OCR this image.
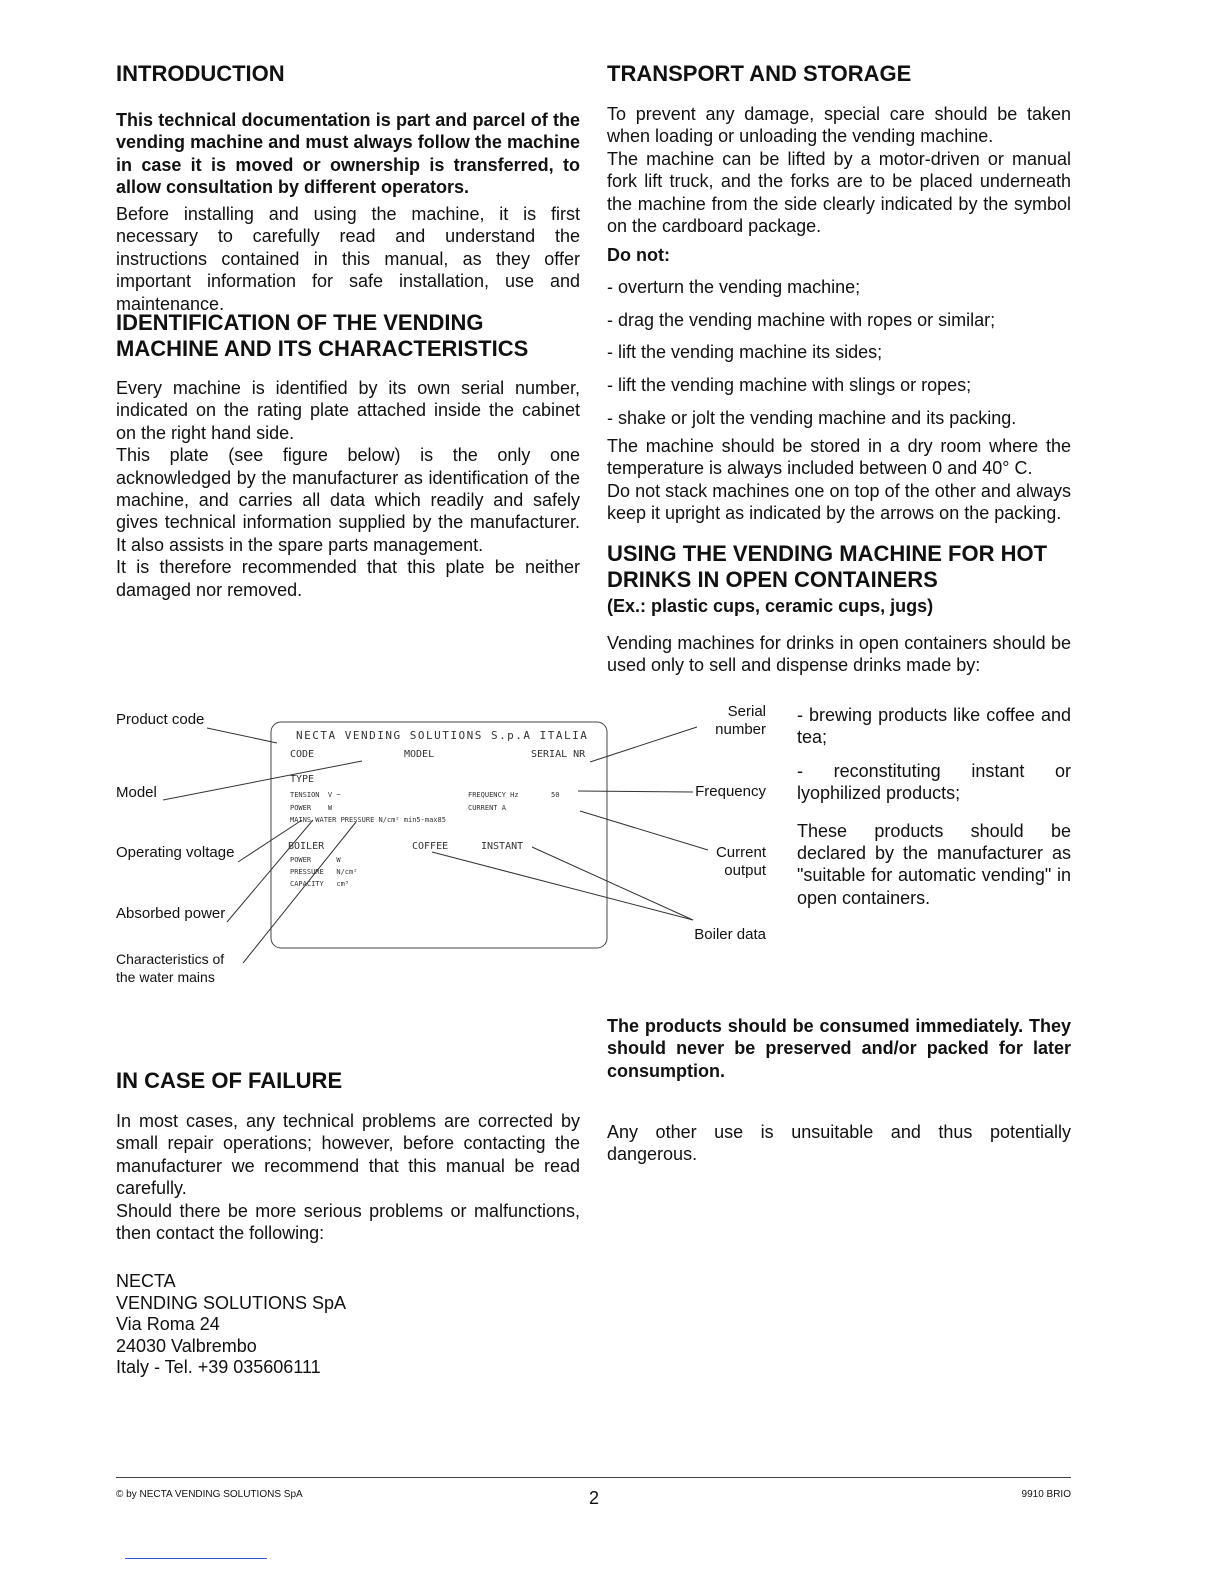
INTRODUCTION

This technical documentation is part and parcel of the vending machine and must always follow the machine in case it is moved or ownership is transferred, to allow consultation by different operators.

Before installing and using the machine, it is first necessary to carefully read and understand the instructions contained in this manual, as they offer important information for safe installation, use and maintenance.

IDENTIFICATION OF THE VENDING
MACHINE AND ITS CHARACTERISTICS

Every machine is identified by its own serial number, indicated on the rating plate attached inside the cabinet on the right hand side.

This plate (see figure below) is the only one acknowledged by the manufacturer as identification of the machine, and carries all data which readily and safely gives technical information supplied by the manufacturer. It also assists in the spare parts management.

It is therefore recommended that this plate be neither damaged nor removed.

Product code
Model
Operating voltage
Absorbed power
Characteristics of
the water mains
Serial
number
Frequency
Current
output
Boiler data
NECTA VENDING SOLUTIONS S.p.A ITALIA
CODE	MODEL	SERIAL NR
TYPE
TENSION  V ~
POWER    W
FREQUENCY Hz	50
CURRENT A
MAINS WATER PRESSURE N/cm² min5-max85
BOILER	COFFEE	INSTANT
POWER      W
PRESSURE   N/cm²
CAPACITY   cm³
IN CASE OF FAILURE

In most cases, any technical problems are corrected by small repair operations; however, before contacting the manufacturer we recommend that this manual be read carefully.

Should there be more serious problems or malfunctions, then contact the following:

NECTA
VENDING SOLUTIONS SpA
Via Roma 24
24030 Valbrembo
Italy - Tel. +39 035606111
TRANSPORT AND STORAGE

To prevent any damage, special care should be taken when loading or unloading the vending machine.

The machine can be lifted by a motor-driven or manual fork lift truck, and the forks are to be placed underneath the machine from the side clearly indicated by the symbol on the cardboard package.

Do not:
- overturn the vending machine;
- drag the vending machine with ropes or similar;
- lift the vending machine its sides;
- lift the vending machine with slings or ropes;
- shake or jolt the vending machine and its packing.

The machine should be stored in a dry room where the temperature is always included between 0 and 40° C.

Do not stack machines one on top of the other and always keep it upright as indicated by the arrows on the packing.

USING THE VENDING MACHINE FOR HOT
DRINKS IN OPEN CONTAINERS
(Ex.: plastic cups, ceramic cups, jugs)

Vending machines for drinks in open containers should be used only to sell and dispense drinks made by:

- brewing products like coffee and tea;

- reconstituting instant or lyophilized products;

These products should be declared by the manufacturer as "suitable for automatic vending" in open containers.

The products should be consumed immediately. They should never be preserved and/or packed for later consumption.

Any other use is unsuitable and thus potentially dangerous.

© by NECTA VENDING SOLUTIONS SpA	2	9910 BRIO
